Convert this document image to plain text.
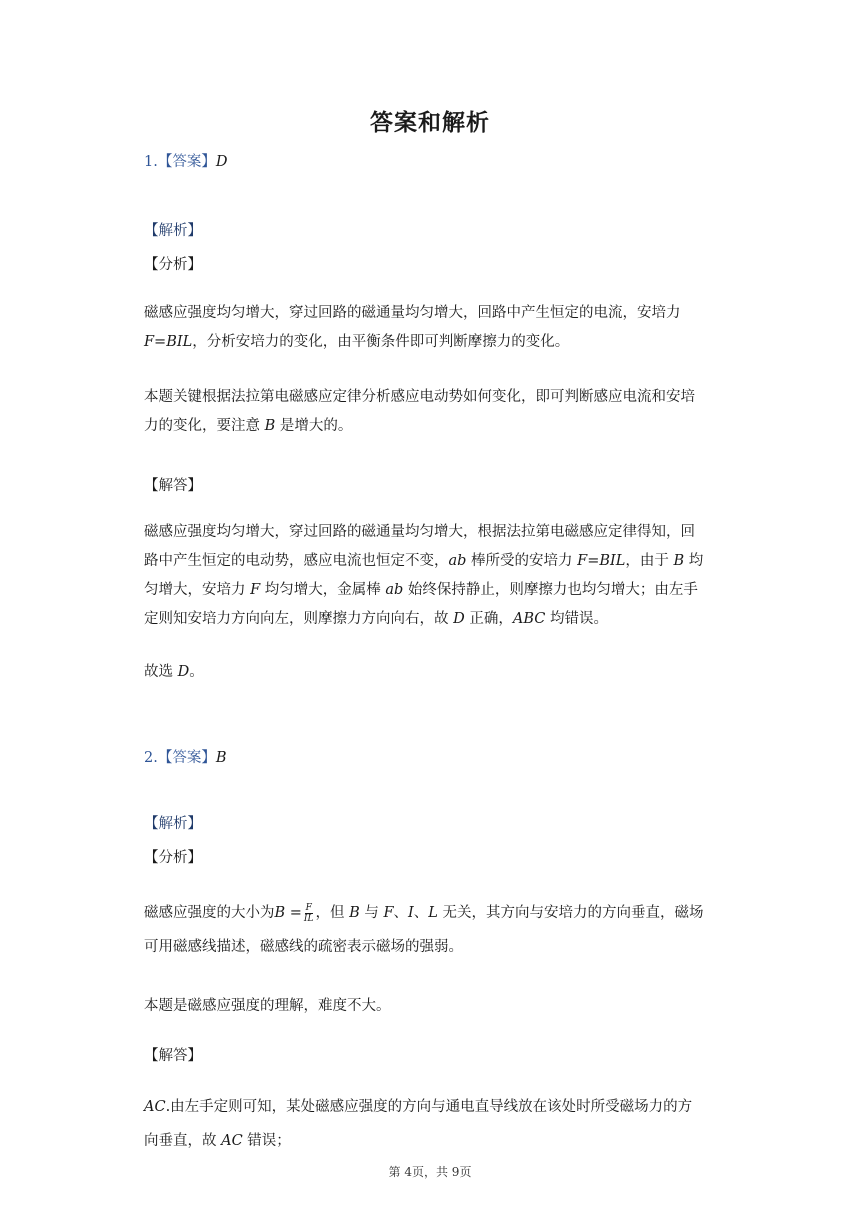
答案和解析
1.【答案】D
【解析】
【分析】
磁感应强度均匀增大，穿过回路的磁通量均匀增大，回路中产生恒定的电流，安培力
F=BIL，分析安培力的变化，由平衡条件即可判断摩擦力的变化。
本题关键根据法拉第电磁感应定律分析感应电动势如何变化，即可判断感应电流和安培
力的变化，要注意 B 是增大的。
【解答】
磁感应强度均匀增大，穿过回路的磁通量均匀增大，根据法拉第电磁感应定律得知，回
路中产生恒定的电动势，感应电流也恒定不变，ab 棒所受的安培力 F=BIL，由于 B 均
匀增大，安培力 F 均匀增大，金属棒 ab 始终保持静止，则摩擦力也均匀增大；由左手
定则知安培力方向向左，则摩擦力方向向右，故 D 正确，ABC 均错误。
故选 D。
2.【答案】B
【解析】
【分析】
磁感应强度的大小为$B = \frac{F}{IL}$ ，但 B 与 F、I、L 无关，其方向与安培力的方向垂直，磁场
可用磁感线描述，磁感线的疏密表示磁场的强弱。
本题是磁感应强度的理解，难度不大。
【解答】
AC.由左手定则可知，某处磁感应强度的方向与通电直导线放在该处时所受磁场力的方
向垂直，故 AC 错误；
第 4页，共 9页
